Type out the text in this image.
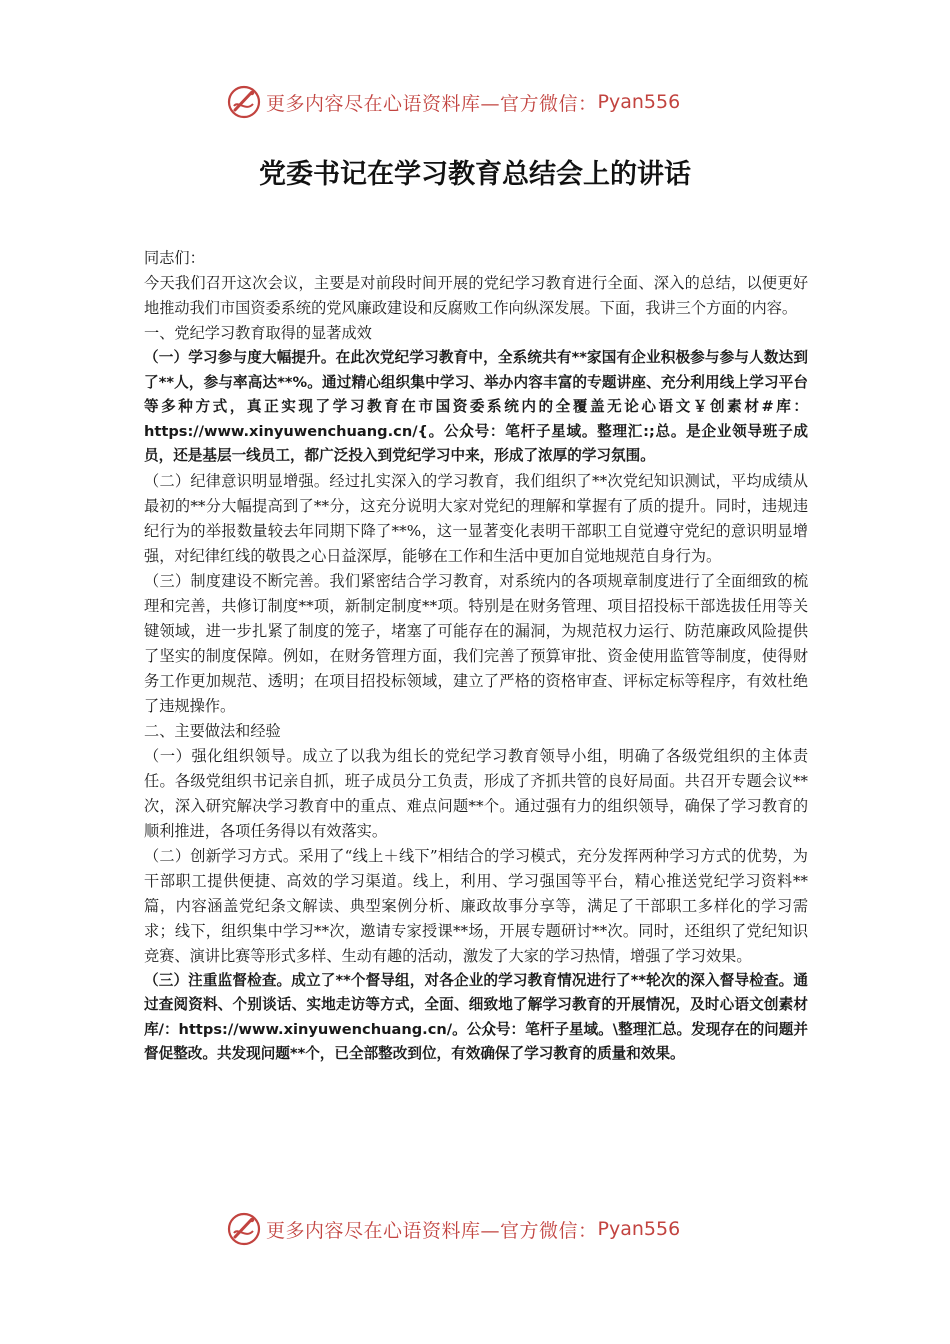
更多内容尽在心语资料库—官方微信： Pyan556
党委书记在学习教育总结会上的讲话

同志们：

今天我们召开这次会议，主要是对前段时间开展的党纪学习教育进行全面、深入的总结，以便更好地推动我们市国资委系统的党风廉政建设和反腐败工作向纵深发展。下面，我讲三个方面的内容。

一、党纪学习教育取得的显著成效

（一）学习参与度大幅提升。在此次党纪学习教育中，全系统共有**家国有企业积极参与参与人数达到了**人，参与率高达**%。通过精心组织集中学习、举办内容丰富的专题讲座、充分利用线上学习平台等多种方式，真正实现了学习教育在市国资委系统内的全覆盖无论心语文￥创素材#库：https://www.xinyuwenchuang.cn/{。公众号：笔杆子星域。整理汇:;总。是企业领导班子成员，还是基层一线员工，都广泛投入到党纪学习中来，形成了浓厚的学习氛围。

（二）纪律意识明显增强。经过扎实深入的学习教育，我们组织了**次党纪知识测试，平均成绩从最初的**分大幅提高到了**分，这充分说明大家对党纪的理解和掌握有了质的提升。同时，违规违纪行为的举报数量较去年同期下降了**%，这一显著变化表明干部职工自觉遵守党纪的意识明显增强，对纪律红线的敬畏之心日益深厚，能够在工作和生活中更加自觉地规范自身行为。

（三）制度建设不断完善。我们紧密结合学习教育，对系统内的各项规章制度进行了全面细致的梳理和完善，共修订制度**项，新制定制度**项。特别是在财务管理、项目招投标干部选拔任用等关键领域，进一步扎紧了制度的笼子，堵塞了可能存在的漏洞，为规范权力运行、防范廉政风险提供了坚实的制度保障。例如，在财务管理方面，我们完善了预算审批、资金使用监管等制度，使得财务工作更加规范、透明；在项目招投标领域，建立了严格的资格审查、评标定标等程序，有效杜绝了违规操作。

二、主要做法和经验

（一）强化组织领导。成立了以我为组长的党纪学习教育领导小组，明确了各级党组织的主体责任。各级党组织书记亲自抓，班子成员分工负责，形成了齐抓共管的良好局面。共召开专题会议**次，深入研究解决学习教育中的重点、难点问题**个。通过强有力的组织领导，确保了学习教育的顺利推进，各项任务得以有效落实。

（二）创新学习方式。采用了“线上＋线下”相结合的学习模式，充分发挥两种学习方式的优势，为干部职工提供便捷、高效的学习渠道。线上，利用、学习强国等平台，精心推送党纪学习资料**篇，内容涵盖党纪条文解读、典型案例分析、廉政故事分享等，满足了干部职工多样化的学习需求；线下，组织集中学习**次，邀请专家授课**场，开展专题研讨**次。同时，还组织了党纪知识竞赛、演讲比赛等形式多样、生动有趣的活动，激发了大家的学习热情，增强了学习效果。

（三）注重监督检查。成立了**个督导组，对各企业的学习教育情况进行了**轮次的深入督导检查。通过查阅资料、个别谈话、实地走访等方式，全面、细致地了解学习教育的开展情况，及时心语文创素材库/：https://www.xinyuwenchuang.cn/。公众号：笔杆子星域。\整理汇总。发现存在的问题并督促整改。共发现问题**个，已全部整改到位，有效确保了学习教育的质量和效果。

更多内容尽在心语资料库—官方微信： Pyan556
